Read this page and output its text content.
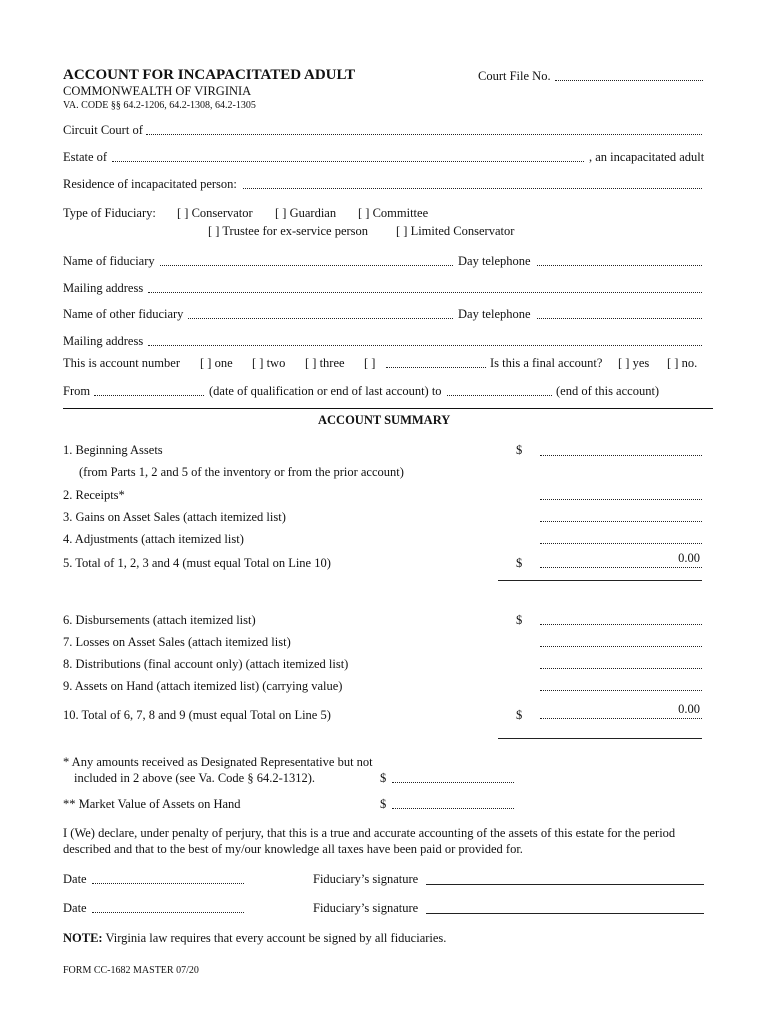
ACCOUNT FOR INCAPACITATED ADULT	Court File No.
COMMONWEALTH OF VIRGINIA
VA. CODE §§ 64.2-1206, 64.2-1308, 64.2-1305
Circuit Court of
Estate of	, an incapacitated adult
Residence of incapacitated person:
Type of Fiduciary: [ ] Conservator [ ] Guardian [ ] Committee
[ ] Trustee for ex-service person [ ] Limited Conservator
Name of fiduciary	Day telephone
Mailing address
Name of other fiduciary	Day telephone
Mailing address
This is account number [ ] one [ ] two [ ] three [ ]	Is this a final account? [ ] yes [ ] no.
From	(date of qualification or end of last account) to	(end of this account)
ACCOUNT SUMMARY
1. Beginning Assets	$
(from Parts 1, 2 and 5 of the inventory or from the prior account)
2. Receipts*
3. Gains on Asset Sales (attach itemized list)
4. Adjustments (attach itemized list)
5. Total of 1, 2, 3 and 4 (must equal Total on Line 10)	$	0.00
6. Disbursements (attach itemized list)	$
7. Losses on Asset Sales (attach itemized list)
8. Distributions (final account only) (attach itemized list)
9. Assets on Hand (attach itemized list) (carrying value)
10. Total of 6, 7, 8 and 9 (must equal Total on Line 5)	$	0.00
* Any amounts received as Designated Representative but not
included in 2 above (see Va. Code § 64.2-1312).	$
** Market Value of Assets on Hand	$
I (We) declare, under penalty of perjury, that this is a true and accurate accounting of the assets of this estate for the period
described and that to the best of my/our knowledge all taxes have been paid or provided for.
Date	Fiduciary’s signature
Date	Fiduciary’s signature
NOTE: Virginia law requires that every account be signed by all fiduciaries.
FORM CC-1682 MASTER 07/20
